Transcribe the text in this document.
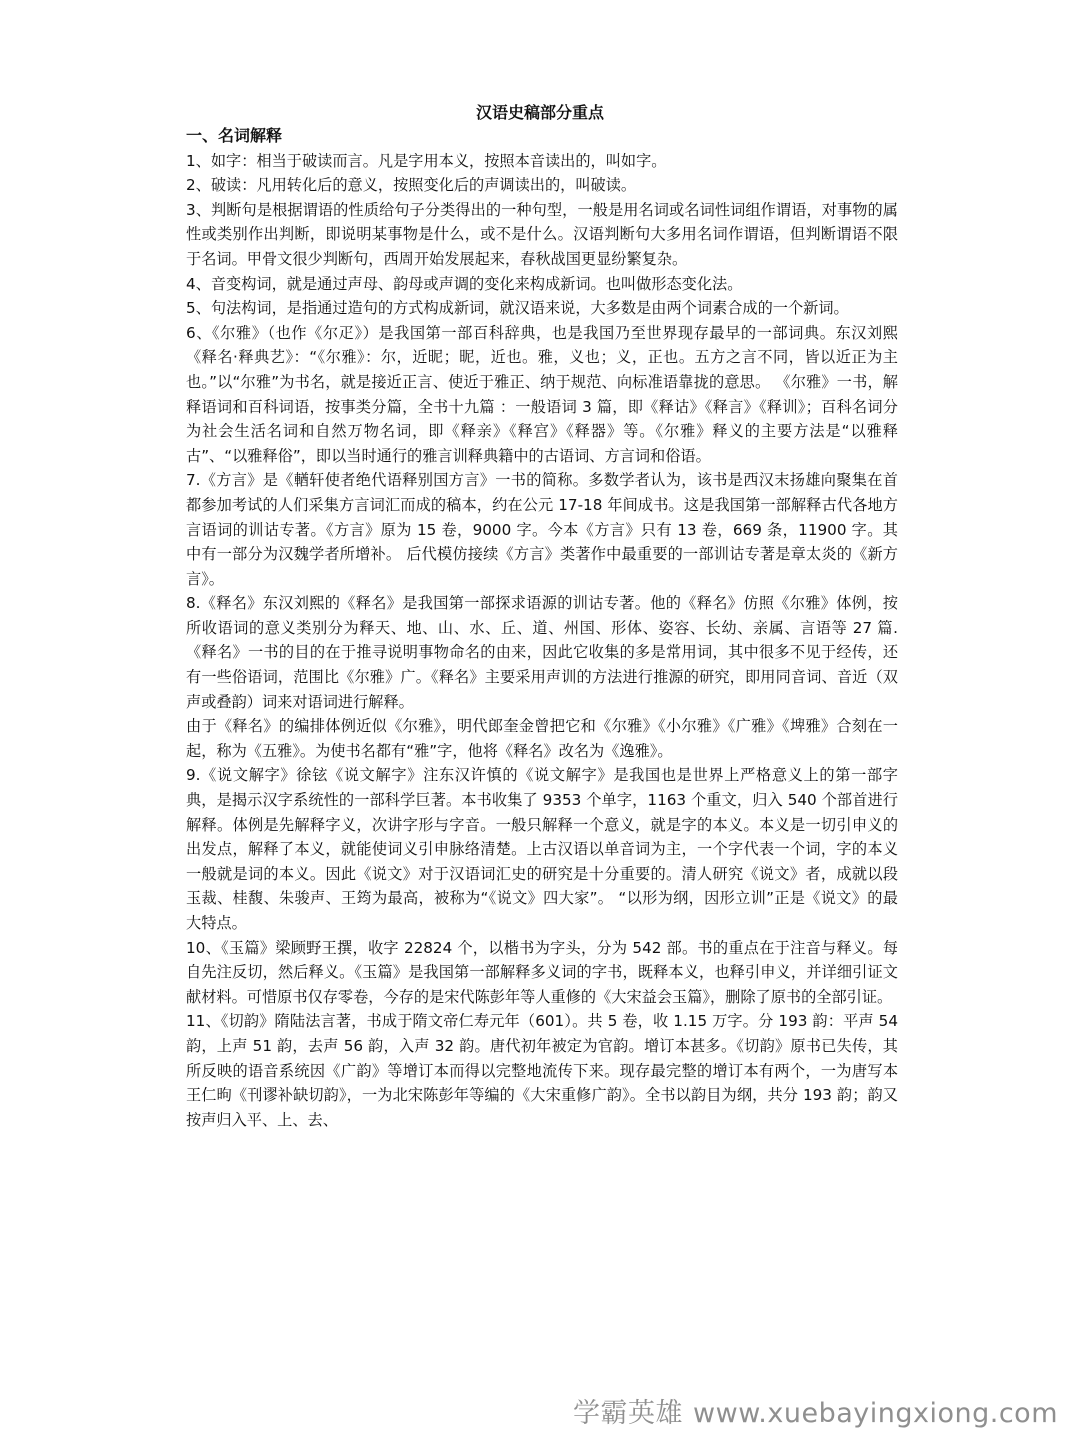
汉语史稿部分重点

一、名词解释

1、如字：相当于破读而言。凡是字用本义，按照本音读出的，叫如字。

2、破读：凡用转化后的意义，按照变化后的声调读出的，叫破读。

3、判断句是根据谓语的性质给句子分类得出的一种句型，一般是用名词或名词性词组作谓语，对事物的属性或类别作出判断，即说明某事物是什么，或不是什么。汉语判断句大多用名词作谓语，但判断谓语不限于名词。甲骨文很少判断句，西周开始发展起来，春秋战国更显纷繁复杂。

4、音变构词，就是通过声母、韵母或声调的变化来构成新词。也叫做形态变化法。

5、句法构词，是指通过造句的方式构成新词，就汉语来说，大多数是由两个词素合成的一个新词。

6、《尔雅》（也作《尔疋》）是我国第一部百科辞典，也是我国乃至世界现存最早的一部词典。东汉刘熙《释名·释典艺》：“《尔雅》：尔，近昵；昵，近也。雅，义也；义，正也。五方之言不同，皆以近正为主也。”以“尔雅”为书名，就是接近正言、使近于雅正、纳于规范、向标准语靠拢的意思。 《尔雅》一书，解释语词和百科词语，按事类分篇，全书十九篇 ：一般语词 3 篇，即《释诂》《释言》《释训》；百科名词分为社会生活名词和自然万物名词，即《释亲》《释宫》《释器》等。《尔雅》释义的主要方法是“以雅释古”、“以雅释俗”，即以当时通行的雅言训释典籍中的古语词、方言词和俗语。

7.《方言》是《輶轩使者绝代语释别国方言》一书的简称。多数学者认为，该书是西汉末扬雄向聚集在首都参加考试的人们采集方言词汇而成的稿本，约在公元 17-18 年间成书。这是我国第一部解释古代各地方言语词的训诂专著。《方言》原为 15 卷，9000 字。今本《方言》只有 13 卷，669 条，11900 字。其中有一部分为汉魏学者所增补。 后代模仿接续《方言》类著作中最重要的一部训诂专著是章太炎的《新方言》。

8.《释名》东汉刘熙的《释名》是我国第一部探求语源的训诂专著。他的《释名》仿照《尔雅》体例，按所收语词的意义类别分为释天、地、山、水、丘、道、州国、形体、姿容、长幼、亲属、言语等 27 篇.《释名》一书的目的在于推寻说明事物命名的由来，因此它收集的多是常用词，其中很多不见于经传，还有一些俗语词，范围比《尔雅》广。《释名》主要采用声训的方法进行推源的研究，即用同音词、音近（双声或叠韵）词来对语词进行解释。

由于《释名》的编排体例近似《尔雅》，明代郎奎金曾把它和《尔雅》《小尔雅》《广雅》《埤雅》合刻在一起，称为《五雅》。为使书名都有“雅”字，他将《释名》改名为《逸雅》。

9.《说文解字》徐铉《说文解字》注东汉许慎的《说文解字》是我国也是世界上严格意义上的第一部字典，是揭示汉字系统性的一部科学巨著。本书收集了 9353 个单字，1163 个重文，归入 540 个部首进行解释。体例是先解释字义，次讲字形与字音。一般只解释一个意义，就是字的本义。本义是一切引申义的出发点，解释了本义，就能使词义引申脉络清楚。上古汉语以单音词为主，一个字代表一个词，字的本义一般就是词的本义。因此《说文》对于汉语词汇史的研究是十分重要的。清人研究《说文》者，成就以段玉裁、桂馥、朱骏声、王筠为最高，被称为“《说文》四大家”。 “以形为纲，因形立训”正是《说文》的最大特点。

10、《玉篇》梁顾野王撰，收字 22824 个，以楷书为字头，分为 542 部。书的重点在于注音与释义。每自先注反切，然后释义。《玉篇》是我国第一部解释多义词的字书，既释本义，也释引申义，并详细引证文献材料。可惜原书仅存零卷，今存的是宋代陈彭年等人重修的《大宋益会玉篇》，删除了原书的全部引证。

11、《切韵》隋陆法言著，书成于隋文帝仁寿元年（601）。共 5 卷，收 1.15 万字。分 193 韵：平声 54 韵，上声 51 韵，去声 56 韵，入声 32 韵。唐代初年被定为官韵。增订本甚多。《切韵》原书已失传，其所反映的语音系统因《广韵》等增订本而得以完整地流传下来。现存最完整的增订本有两个，一为唐写本王仁昫《刊谬补缺切韵》，一为北宋陈彭年等编的《大宋重修广韵》。全书以韵目为纲，共分 193 韵；韵又按声归入平、上、去、

学霸英雄 www.xuebayingxiong.com
